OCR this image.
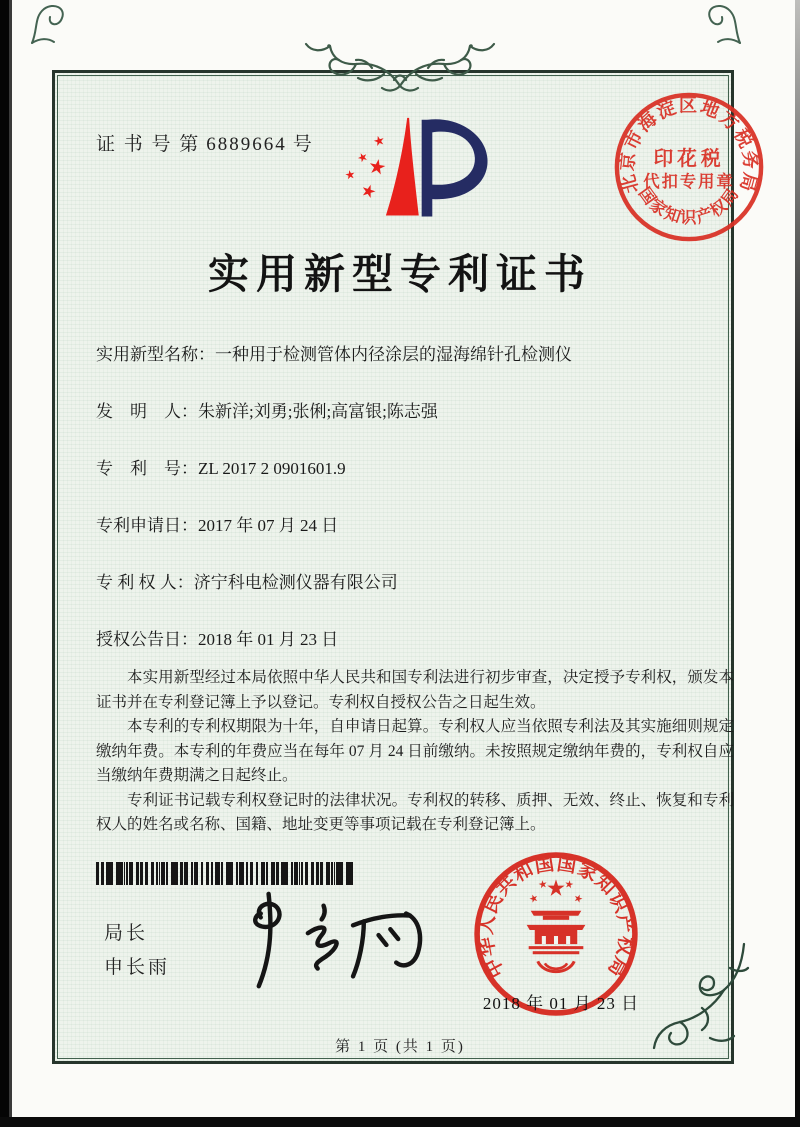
证 书 号 第 6889664 号
北京市海淀区地方税务局
国家知识产权局
印花税
代扣专用章
实用新型专利证书
实用新型名称： 一种用于检测管体内径涂层的湿海绵针孔检测仪
发　明　人： 朱新洋;刘勇;张俐;高富银;陈志强
专　利　号： ZL 2017 2 0901601.9
专利申请日： 2017 年 07 月 24 日
专 利 权 人： 济宁科电检测仪器有限公司
授权公告日： 2018 年 01 月 23 日

本实用新型经过本局依照中华人民共和国专利法进行初步审查，决定授予专利权，颁发本证书并在专利登记簿上予以登记。专利权自授权公告之日起生效。

本专利的专利权期限为十年，自申请日起算。专利权人应当依照专利法及其实施细则规定缴纳年费。本专利的年费应当在每年 07 月 24 日前缴纳。未按照规定缴纳年费的，专利权自应当缴纳年费期满之日起终止。

专利证书记载专利权登记时的法律状况。专利权的转移、质押、无效、终止、恢复和专利权人的姓名或名称、国籍、地址变更等事项记载在专利登记簿上。

局长
申长雨	中华人民共和国国家知识产权局
2018 年 01 月 23 日
第 1 页 (共 1 页)
